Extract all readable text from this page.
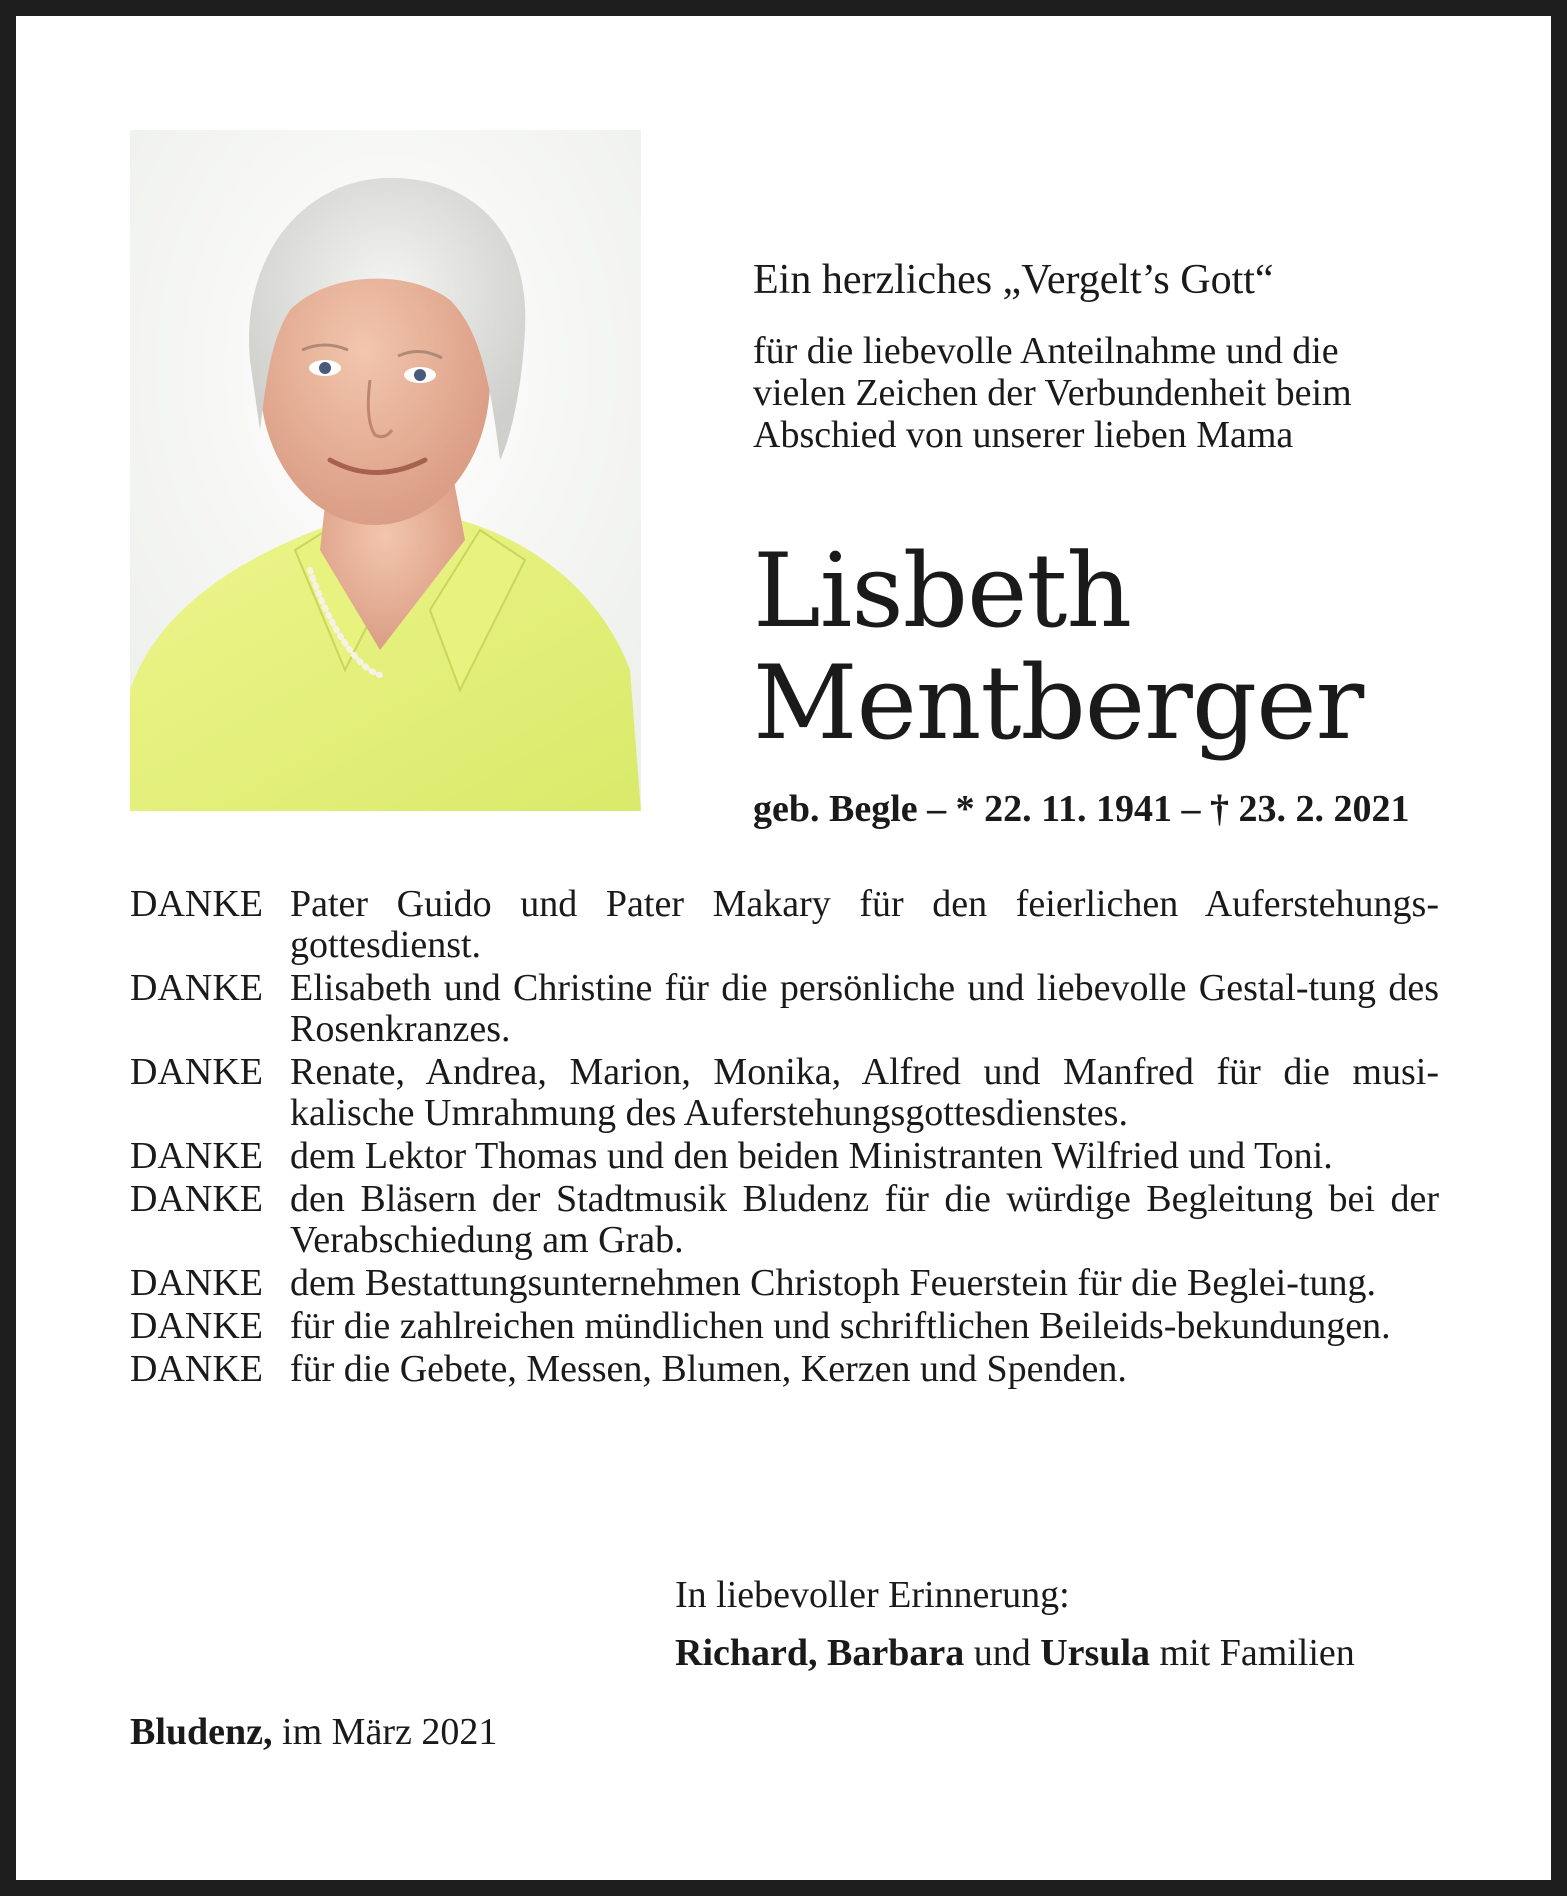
Ein herzliches „Vergelt’s Gott“

für die liebevolle Anteilnahme und die
vielen Zeichen der Verbundenheit beim
Abschied von unserer lieben Mama

Lisbeth
Mentberger
geb. Begle – * 22. 11. 1941 – † 23. 2. 2021
DANKE Pater Guido und Pater Makary für den feierlichen Auferstehungs-gottesdienst.
DANKE Elisabeth und Christine für die persönliche und liebevolle Gestal-tung des Rosenkranzes.
DANKE Renate, Andrea, Marion, Monika, Alfred und Manfred für die musi-kalische Umrahmung des Auferstehungsgottesdienstes.
DANKE dem Lektor Thomas und den beiden Ministranten Wilfried und Toni.
DANKE den Bläsern der Stadtmusik Bludenz für die würdige Begleitung bei der Verabschiedung am Grab.
DANKE dem Bestattungsunternehmen Christoph Feuerstein für die Beglei-tung.
DANKE für die zahlreichen mündlichen und schriftlichen Beileids-bekundungen.
DANKE für die Gebete, Messen, Blumen, Kerzen und Spenden.
In liebevoller Erinnerung:
Richard, Barbara und Ursula mit Familien
Bludenz, im März 2021
